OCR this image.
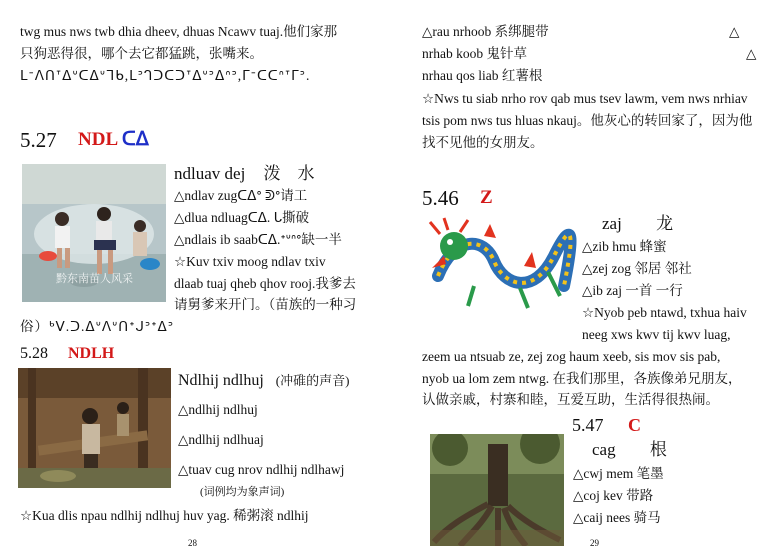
twg mus nws twb dhia dheev, dhuas Ncawv tuaj.他们家那
只狗恶得很，哪个去它都猛跳，张嘴来。
ᒪᐨᐱᑎᐪᐃᐡᑕᐃᐡᒣᑲ,ᒪᐣᒉᑐᑕᑐᐪᐃᐡᐣᐃᐢᐣ,ᒥᐨᑕᑕᐢᐪᒥᐣ.
5.27 NDL ᑕᐃ
黔东南苗人风采
ndluav dej 泼　水
△ndlav zugᑕᐃᐤ ᕲᐤ请工
△dlua ndluagᑕᐃ. ᒐ撕破
△ndlais ib saabᑕᐃ.ᐩᐡᐢᐤ缺一半
☆Kuv txiv moog ndlav txiv
dlaab tuaj qheb qhov rooj.我爹去
请舅爹来开门。（苗族的一种习
俗）ᒃᐯ.ᑐ.ᐃᐡᐱᐡᑎᐩᒍᐣᐩᐃᐣ
5.28 NDLH
Ndlhij ndlhuj (冲碓的声音)
△ndlhij ndlhuj
△ndlhij ndlhuaj
△tuav cug nrov ndlhij ndlhawj
(词例均为象声词)
☆Kua dlis npau ndlhij ndlhuj huv yag. 稀粥滚 ndlhij
28
△rau nrhoob 系绑腿带	△
nrhab koob 鬼针草	△
nrhau qos liab 红薯根
☆Nws tu siab nrho rov qab mus tsev lawm, vem nws nrhiav
tsis pom nws tus hluas nkauj。他灰心的转回家了，因为他
找不见他的女朋友。
5.46 Z
zaj 龙
△zib hmu 蜂蜜
△zej zog 邻居 邻社
△ib zaj 一首 一行
☆Nyob peb ntawd, txhua haiv
neeg xws kwv tij kwv luag,
zeem ua ntsuab ze, zej zog haum xeeb, sis mov sis pab,
nyob ua lom zem ntwg. 在我们那里，各族像弟兄朋友，
认做亲戚，村寨和睦，互爱互助，生活得很热闹。
5.47 C
cag 根
△cwj mem 笔墨
△coj kev 带路
△caij nees 骑马
29
